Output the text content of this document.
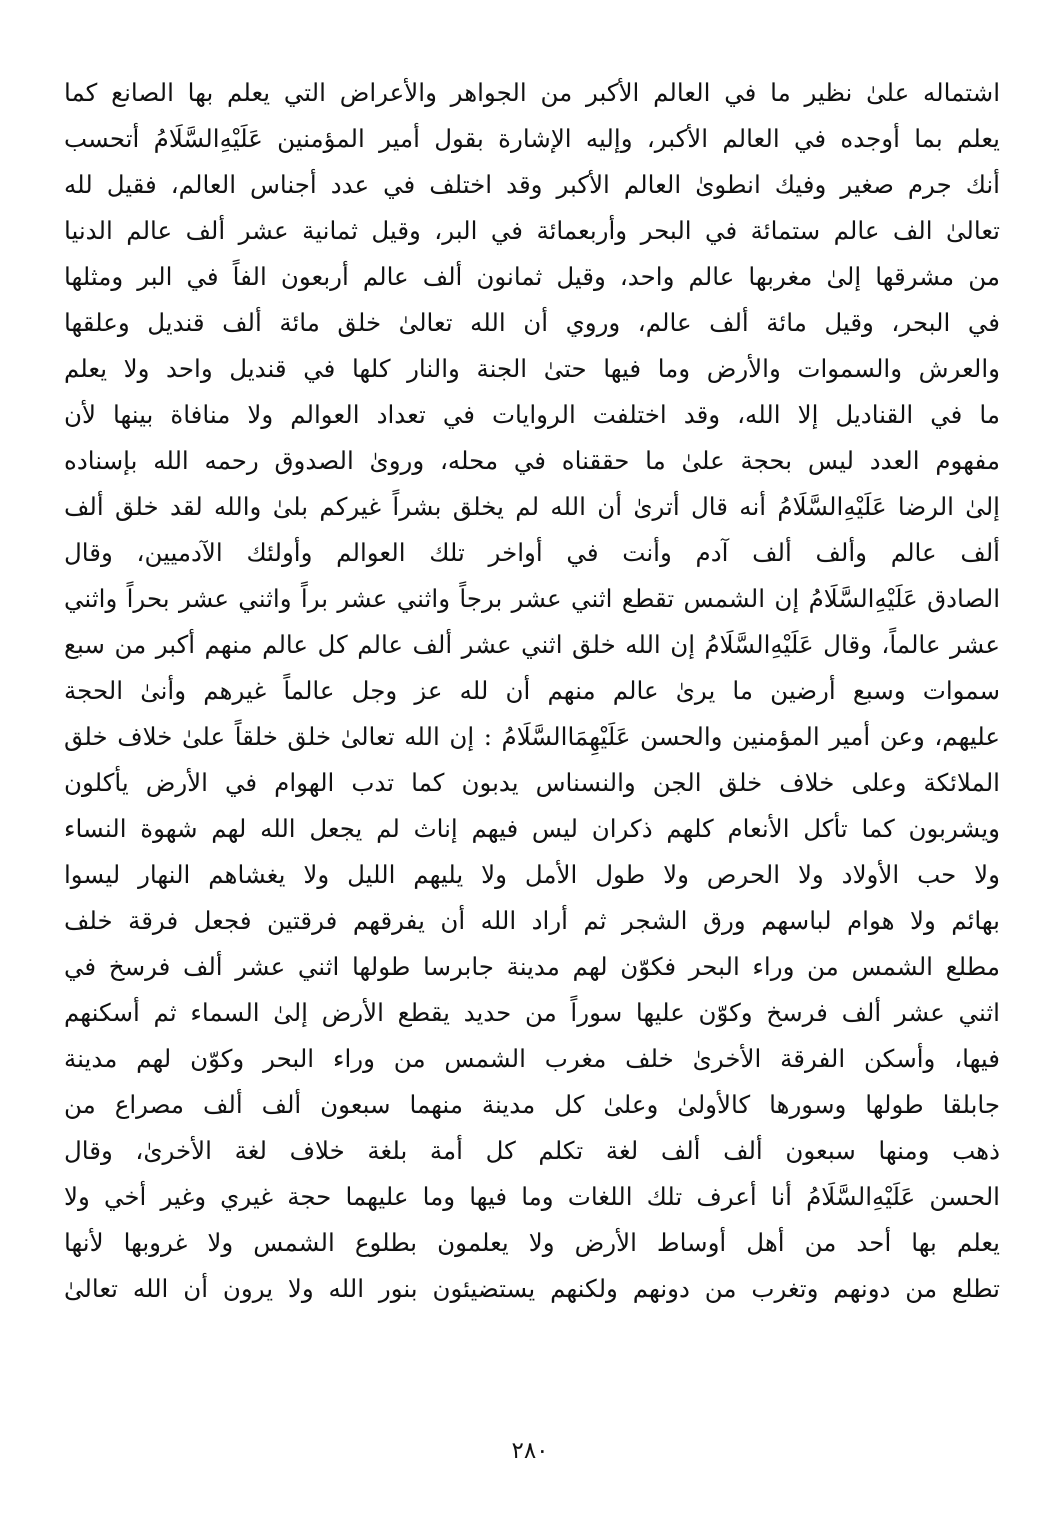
اشتماله علىٰ نظير ما في العالم الأكبر من الجواهر والأعراض التي يعلم بها الصانع كما
يعلم بما أوجده في العالم الأكبر، وإليه الإشارة بقول أمير المؤمنين عَلَيْهِ‌السَّلَامُ أتحسب
أنك جرم صغير وفيك انطوىٰ العالم الأكبر وقد اختلف في عدد أجناس العالم، فقيل لله
تعالىٰ الف عالم ستمائة في البحر وأربعمائة في البر، وقيل ثمانية عشر ألف عالم الدنيا
من مشرقها إلىٰ مغربها عالم واحد، وقيل ثمانون ألف عالم أربعون الفاً في البر ومثلها
في البحر، وقيل مائة ألف عالم، وروي أن الله تعالىٰ خلق مائة ألف قنديل وعلقها
والعرش والسموات والأرض وما فيها حتىٰ الجنة والنار كلها في قنديل واحد ولا يعلم
ما في القناديل إلا الله، وقد اختلفت الروايات في تعداد العوالم ولا منافاة بينها لأن
مفهوم العدد ليس بحجة علىٰ ما حققناه في محله، وروىٰ الصدوق رحمه الله بإسناده
إلىٰ الرضا عَلَيْهِ‌السَّلَامُ أنه قال أترىٰ أن الله لم يخلق بشراً غيركم بلىٰ والله لقد خلق ألف
ألف عالم وألف ألف آدم وأنت في أواخر تلك العوالم وأولئك الآدميين، وقال
الصادق عَلَيْهِ‌السَّلَامُ إن الشمس تقطع اثني عشر برجاً واثني عشر براً واثني عشر بحراً واثني
عشر عالماً، وقال عَلَيْهِ‌السَّلَامُ إن الله خلق اثني عشر ألف عالم كل عالم منهم أكبر من سبع
سموات وسبع أرضين ما يرىٰ عالم منهم أن لله عز وجل عالماً غيرهم وأنىٰ الحجة
عليهم، وعن أمير المؤمنين والحسن عَلَيْهِمَا‌السَّلَامُ : إن الله تعالىٰ خلق خلقاً علىٰ خلاف خلق
الملائكة وعلى خلاف خلق الجن والنسناس يدبون كما تدب الهوام في الأرض يأكلون
ويشربون كما تأكل الأنعام كلهم ذكران ليس فيهم إناث لم يجعل الله لهم شهوة النساء
ولا حب الأولاد ولا الحرص ولا طول الأمل ولا يليهم الليل ولا يغشاهم النهار ليسوا
بهائم ولا هوام لباسهم ورق الشجر ثم أراد الله أن يفرقهم فرقتين فجعل فرقة خلف
مطلع الشمس من وراء البحر فكوّن لهم مدينة جابرسا طولها اثني عشر ألف فرسخ في
اثني عشر ألف فرسخ وكوّن عليها سوراً من حديد يقطع الأرض إلىٰ السماء ثم أسكنهم
فيها، وأسكن الفرقة الأخرىٰ خلف مغرب الشمس من وراء البحر وكوّن لهم مدينة
جابلقا طولها وسورها كالأولىٰ وعلىٰ كل مدينة منهما سبعون ألف ألف مصراع من
ذهب ومنها سبعون ألف ألف لغة تكلم كل أمة بلغة خلاف لغة الأخرىٰ، وقال
الحسن عَلَيْهِ‌السَّلَامُ أنا أعرف تلك اللغات وما فيها وما عليهما حجة غيري وغير أخي ولا
يعلم بها أحد من أهل أوساط الأرض ولا يعلمون بطلوع الشمس ولا غروبها لأنها
تطلع من دونهم وتغرب من دونهم ولكنهم يستضيئون بنور الله ولا يرون أن الله تعالىٰ
٢٨٠
